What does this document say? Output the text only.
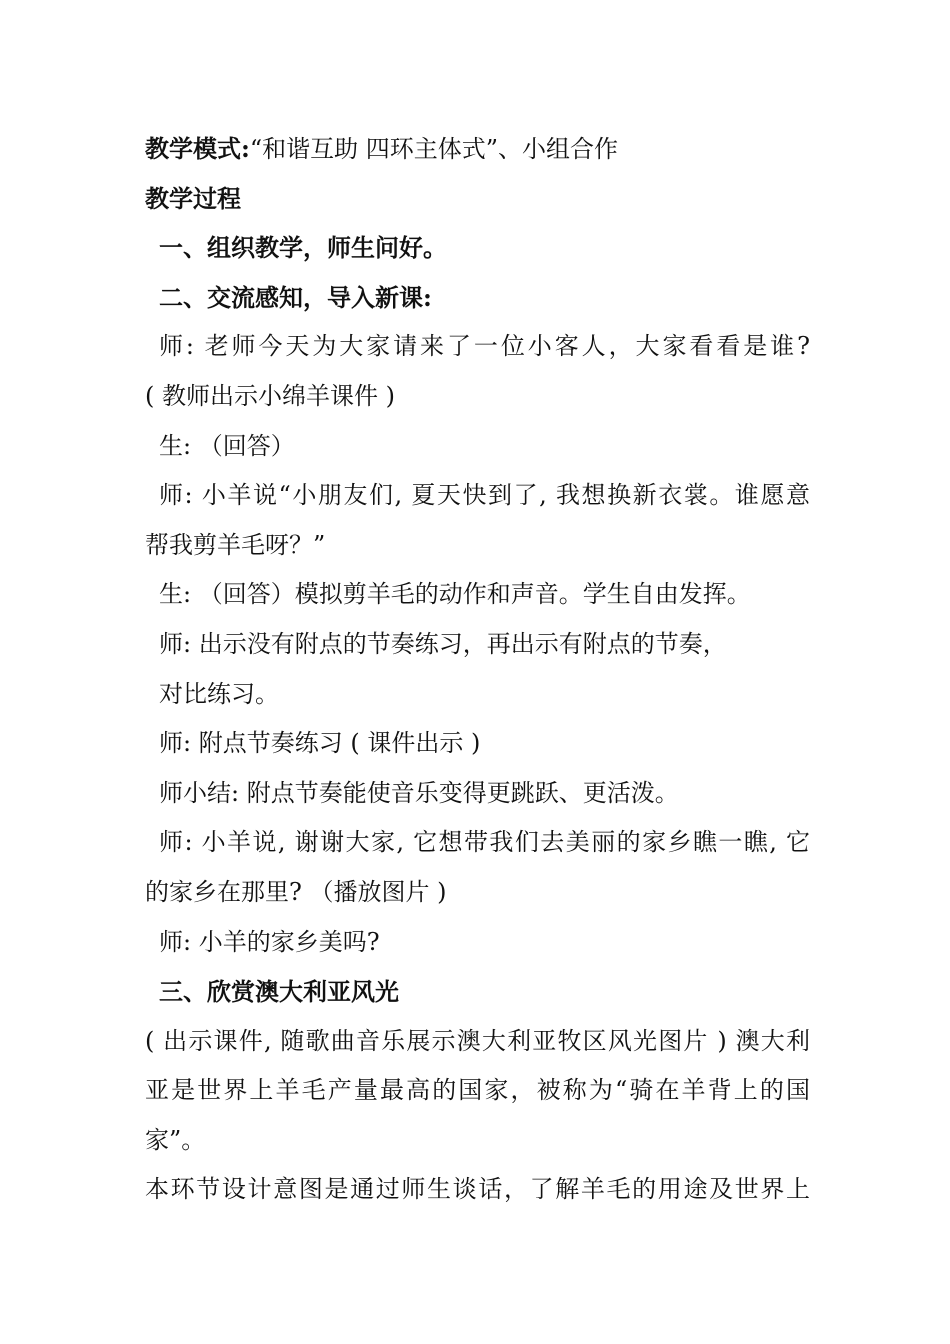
教学模式:“和谐互助 四环主体式”、小组合作
教学过程
一、组织教学，师生问好。
二、交流感知，导入新课:
师: 老师今天为大家请来了一位小客人，大家看看是谁?
( 教师出示小绵羊课件 )
生: （回答）
师: 小羊说“小朋友们, 夏天快到了, 我想换新衣裳。谁愿意
帮我剪羊毛呀？”
生: （回答）模拟剪羊毛的动作和声音。学生自由发挥。
师: 出示没有附点的节奏练习，再出示有附点的节奏，
对比练习。
师: 附点节奏练习 ( 课件出示 )
师小结: 附点节奏能使音乐变得更跳跃、更活泼。
师: 小羊说, 谢谢大家, 它想带我们去美丽的家乡瞧一瞧, 它
的家乡在那里? （播放图片 )
师: 小羊的家乡美吗?
三、欣赏澳大利亚风光
( 出示课件, 随歌曲音乐展示澳大利亚牧区风光图片 ) 澳大利
亚是世界上羊毛产量最高的国家，被称为“骑在羊背上的国
家”。
本环节设计意图是通过师生谈话，了解羊毛的用途及世界上
